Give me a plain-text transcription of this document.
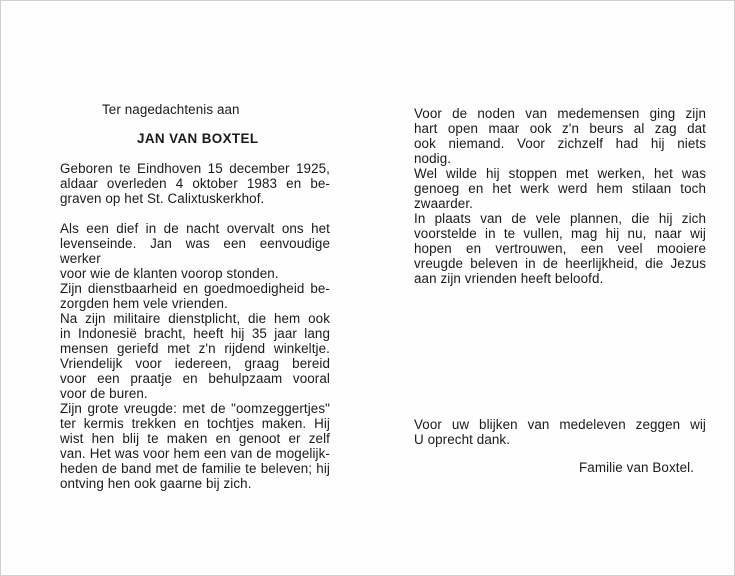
Ter nagedachtenis aan
JAN VAN BOXTEL
Geboren te Eindhoven 15 december 1925,
aldaar overleden 4 oktober 1983 en be-
graven op het St. Calixtuskerkhof.
Als een dief in de nacht overvalt ons het
levenseinde. Jan was een eenvoudige werker
voor wie de klanten voorop stonden.
Zijn dienstbaarheid en goedmoedigheid be-
zorgden hem vele vrienden.
Na zijn militaire dienstplicht, die hem ook
in Indonesië bracht, heeft hij 35 jaar lang
mensen geriefd met z'n rijdend winkeltje.
Vriendelijk voor iedereen, graag bereid
voor een praatje en behulpzaam vooral
voor de buren.
Zijn grote vreugde: met de "oomzeggertjes"
ter kermis trekken en tochtjes maken. Hij
wist hen blij te maken en genoot er zelf
van. Het was voor hem een van de mogelijk-
heden de band met de familie te beleven; hij
ontving hen ook gaarne bij zich.
Voor de noden van medemensen ging zijn
hart open maar ook z'n beurs al zag dat
ook niemand. Voor zichzelf had hij niets
nodig.
Wel wilde hij stoppen met werken, het was
genoeg en het werk werd hem stilaan toch
zwaarder.
In plaats van de vele plannen, die hij zich
voorstelde in te vullen, mag hij nu, naar wij
hopen en vertrouwen, een veel mooiere
vreugde beleven in de heerlijkheid, die Jezus
aan zijn vrienden heeft beloofd.
Voor uw blijken van medeleven zeggen wij
U oprecht dank.
Familie van Boxtel.
